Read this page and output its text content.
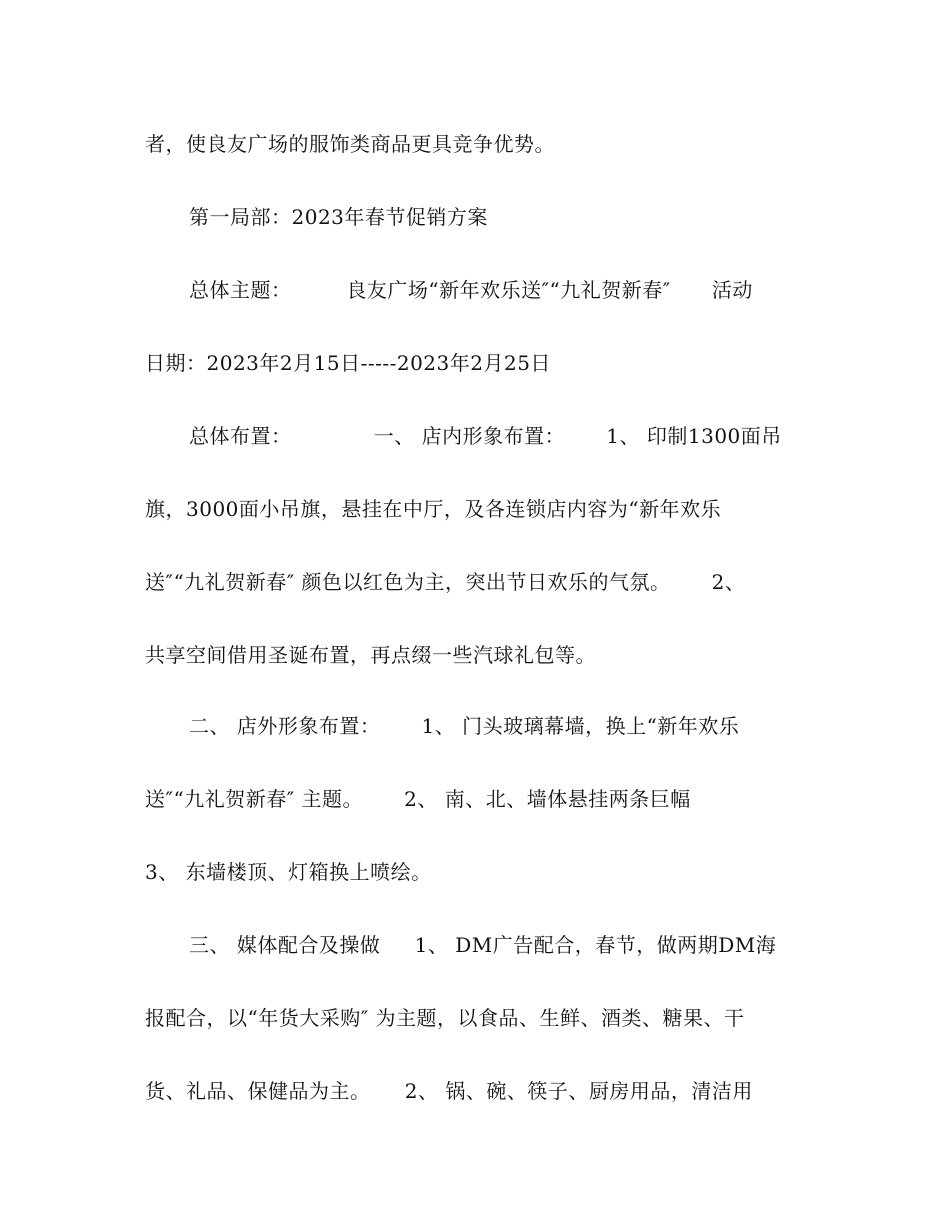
者，使良友广场的服饰类商品更具竞争优势。
第一局部：2023年春节促销方案
总体主题：        良友广场“新年欢乐送″“九礼贺新春″      活动
日期：2023年2月15日-----2023年2月25日
总体布置：            一、 店内形象布置：      1、 印制1300面吊
旗，3000面小吊旗，悬挂在中厅，及各连锁店内容为“新年欢乐
送″“九礼贺新春″ 颜色以红色为主，突出节日欢乐的气氛。      2、
共享空间借用圣诞布置，再点缀一些汽球礼包等。
二、 店外形象布置：      1、 门头玻璃幕墙，换上“新年欢乐
送″“九礼贺新春″ 主题。      2、 南、北、墙体悬挂两条巨幅
3、 东墙楼顶、灯箱换上喷绘。
三、 媒体配合及操做     1、 DM广告配合，春节，做两期DM海
报配合，以“年货大采购″ 为主题，以食品、生鲜、酒类、糖果、干
货、礼品、保健品为主。     2、 锅、碗、筷子、厨房用品，清洁用
